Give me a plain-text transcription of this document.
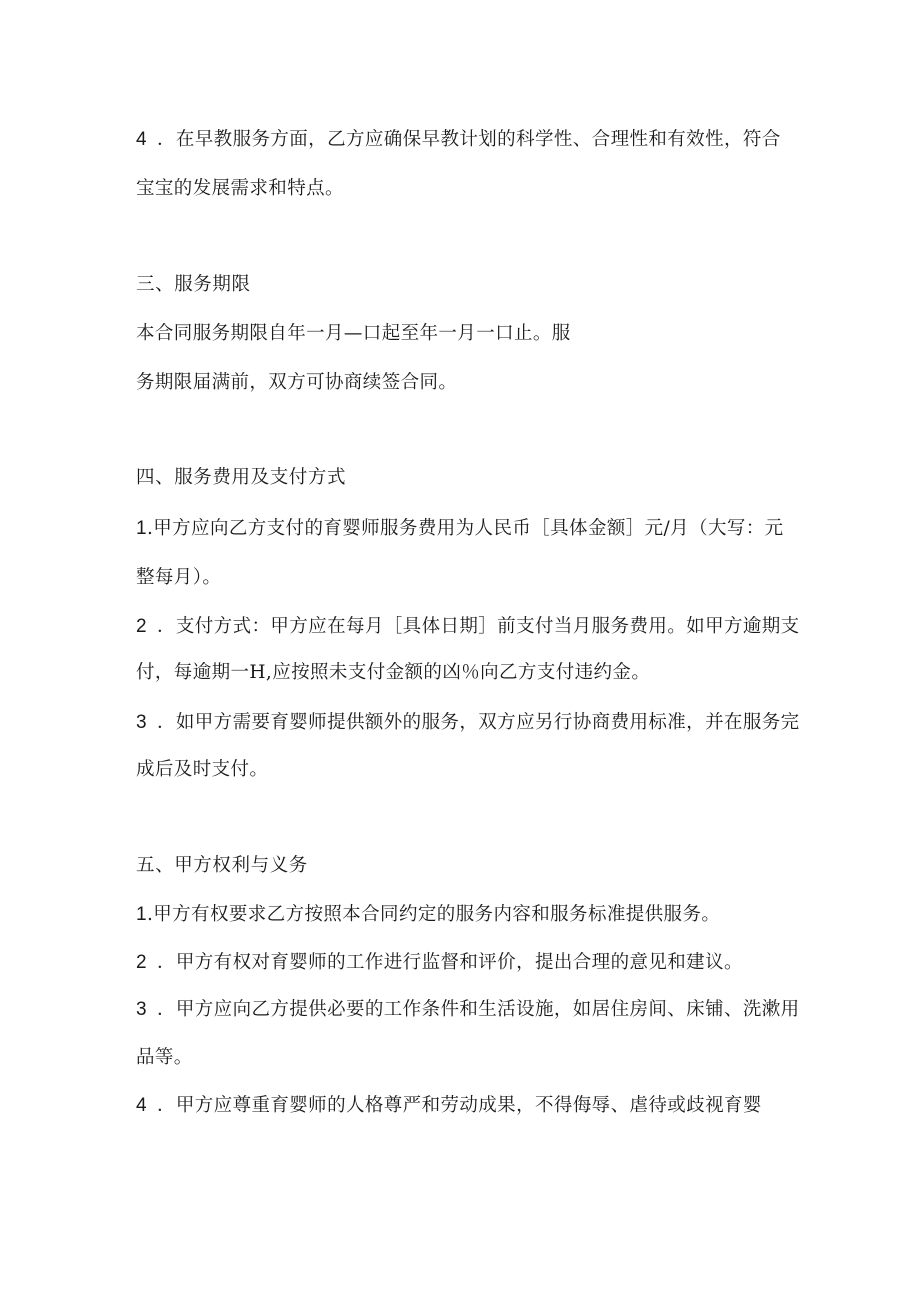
4 ．在早教服务方面，乙方应确保早教计划的科学性、合理性和有效性，符合
宝宝的发展需求和特点。
三、服务期限
本合同服务期限自年一月—口起至年一月一口止。服
务期限届满前，双方可协商续签合同。
四、服务费用及支付方式
1.甲方应向乙方支付的育婴师服务费用为人民币［具体金额］元/月（大写：元
整每月）。
2 ．支付方式：甲方应在每月［具体日期］前支付当月服务费用。如甲方逾期支
付，每逾期一H,应按照未支付金额的凶％向乙方支付违约金。
3 ．如甲方需要育婴师提供额外的服务，双方应另行协商费用标准，并在服务完
成后及时支付。
五、甲方权利与义务
1.甲方有权要求乙方按照本合同约定的服务内容和服务标准提供服务。
2 ．甲方有权对育婴师的工作进行监督和评价，提出合理的意见和建议。
3 ．甲方应向乙方提供必要的工作条件和生活设施，如居住房间、床铺、洗漱用
品等。
4 ．甲方应尊重育婴师的人格尊严和劳动成果，不得侮辱、虐待或歧视育婴
